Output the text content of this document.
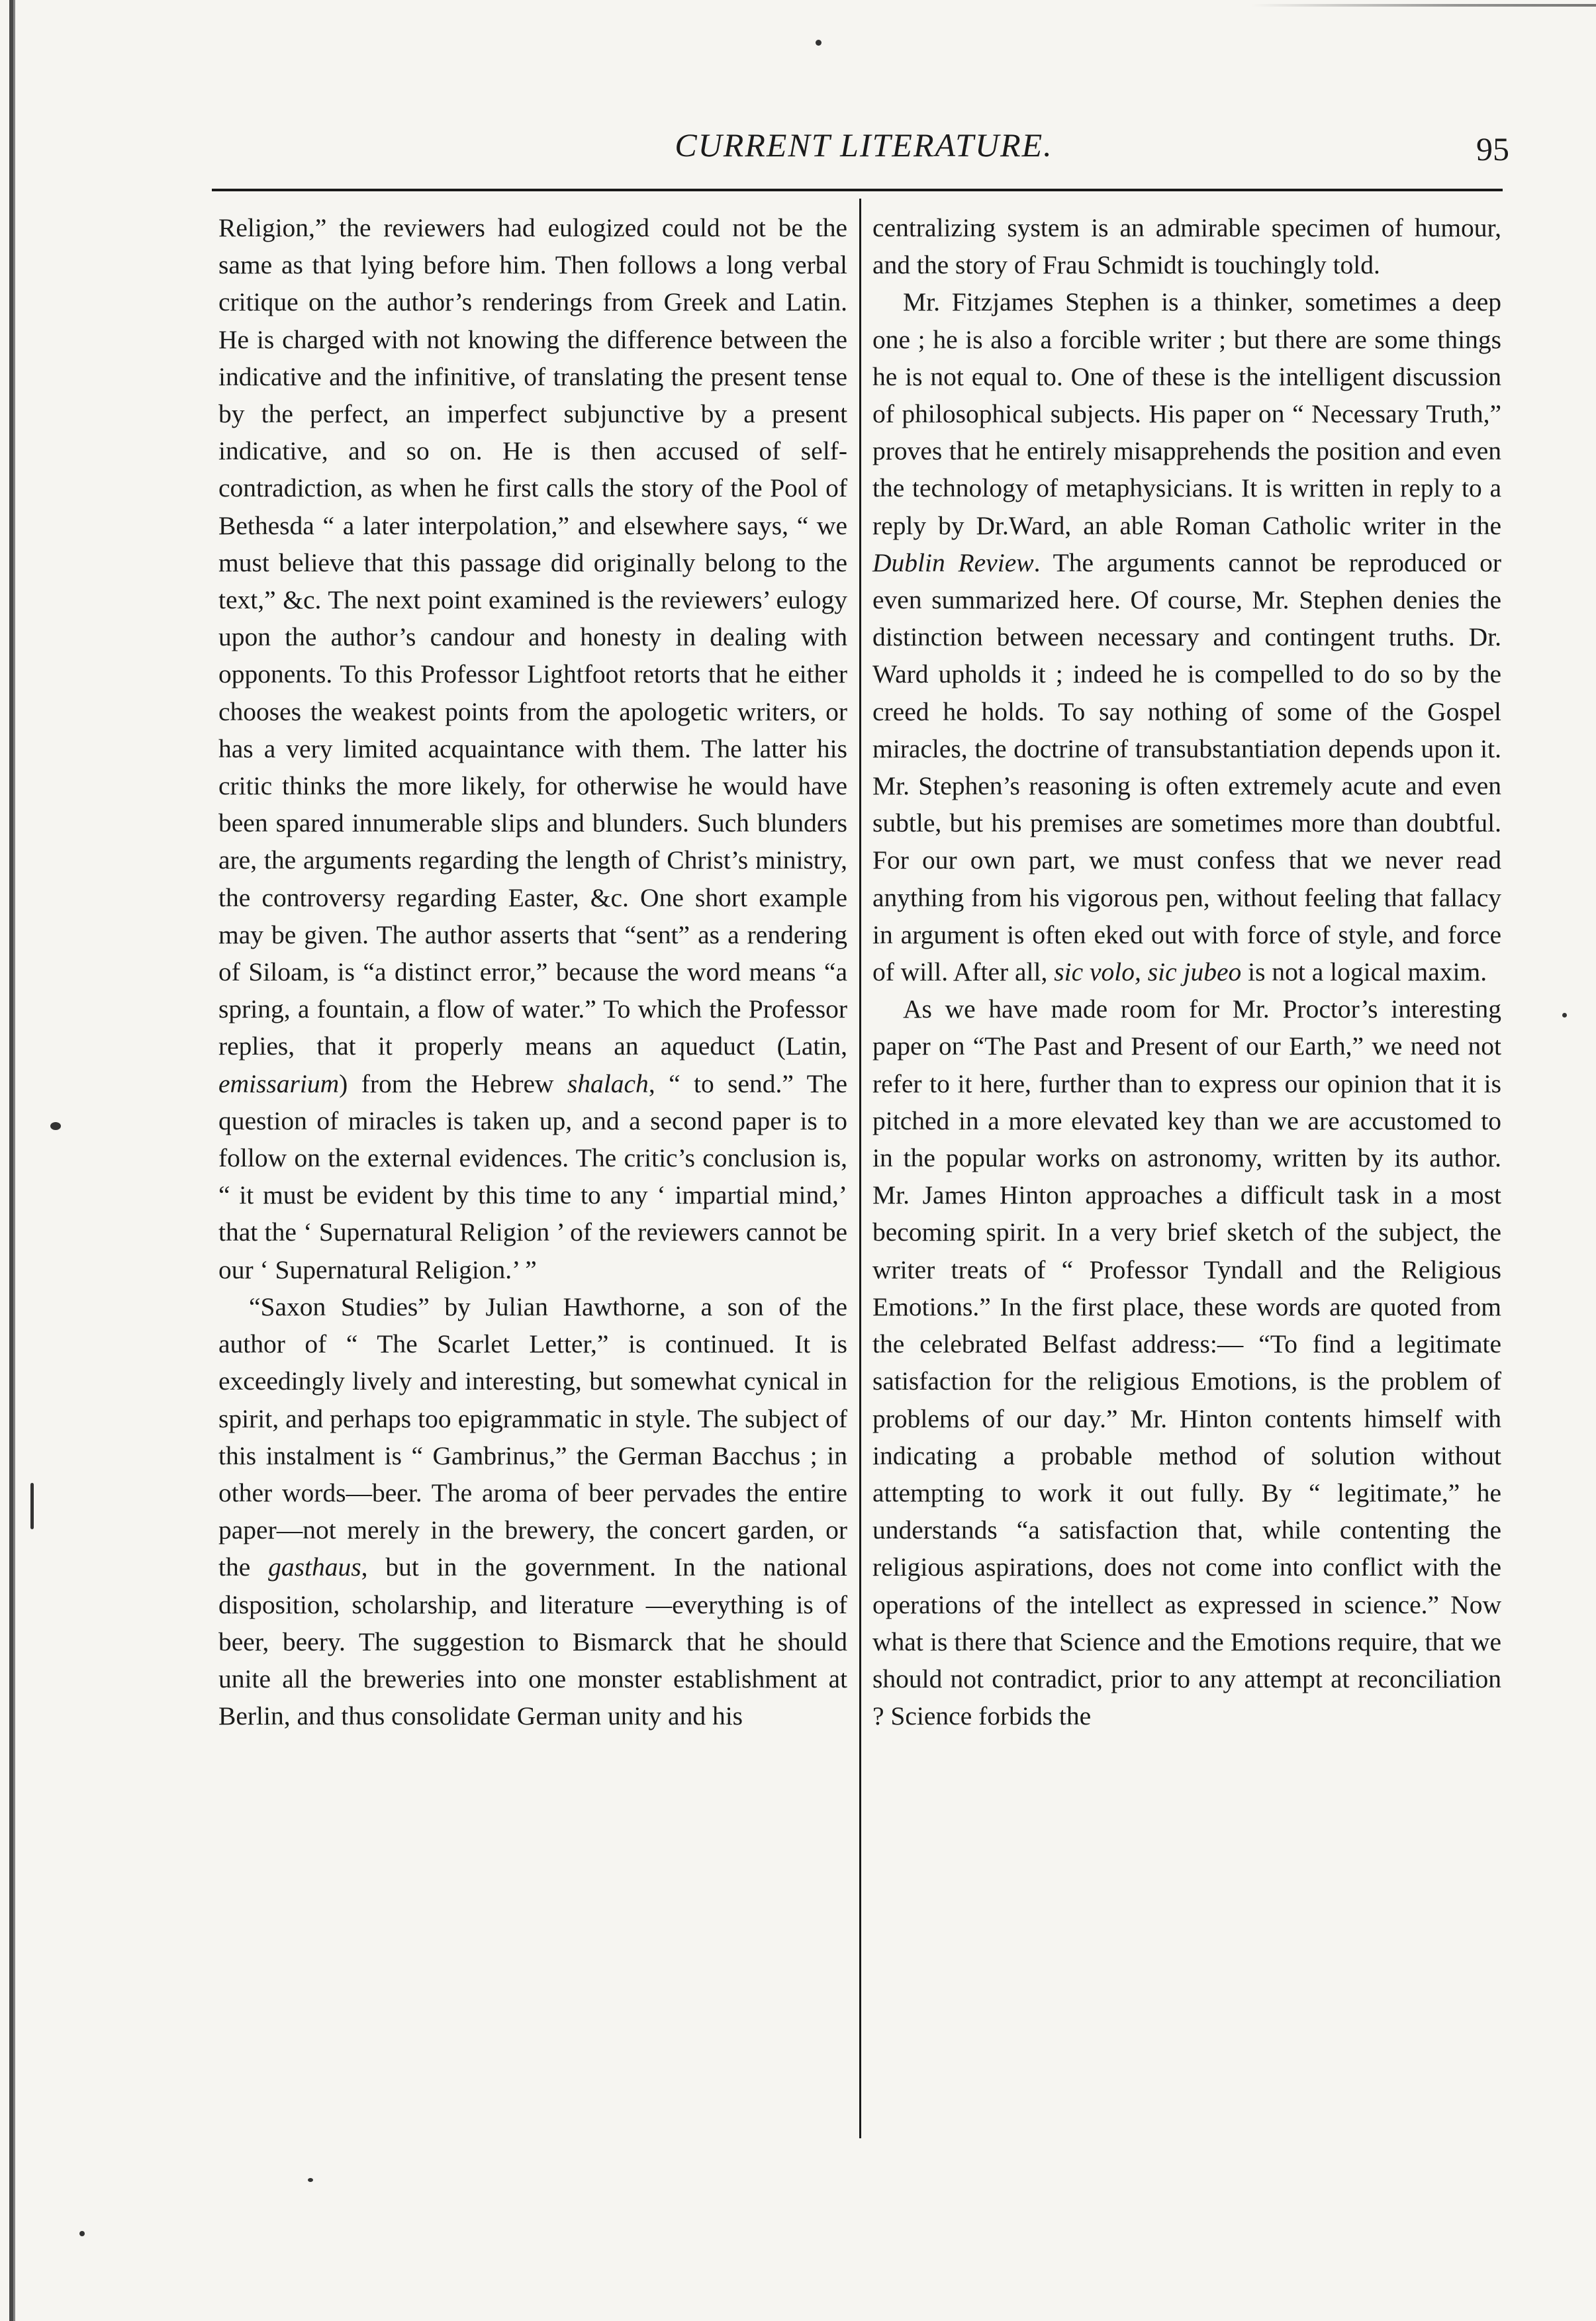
CURRENT LITERATURE.	95

Religion,” the reviewers had eulogized could not be the same as that lying before him. Then follows a long verbal critique on the author’s renderings from Greek and Latin. He is charged with not knowing the difference between the indicative and the infinitive, of translating the present tense by the perfect, an imperfect subjunctive by a present indicative, and so on. He is then accused of self-contradiction, as when he first calls the story of the Pool of Bethesda “ a later interpolation,” and elsewhere says, “ we must believe that this passage did originally belong to the text,” &c. The next point examined is the reviewers’ eulogy upon the author’s candour and honesty in dealing with opponents. To this Professor Lightfoot retorts that he either chooses the weakest points from the apologetic writers, or has a very limited acquaintance with them. The latter his critic thinks the more likely, for otherwise he would have been spared innumerable slips and blunders. Such blunders are, the arguments regarding the length of Christ’s ministry, the controversy regarding Easter, &c. One short example may be given. The author asserts that “sent” as a rendering of Siloam, is “a distinct error,” because the word means “a spring, a fountain, a flow of water.” To which the Professor replies, that it properly means an aqueduct (Latin, emissarium) from the Hebrew shalach, “ to send.” The question of miracles is taken up, and a second paper is to follow on the external evidences. The critic’s conclusion is, “ it must be evident by this time to any ‘ impartial mind,’ that the ‘ Supernatural Religion ’ of the reviewers cannot be our ‘ Supernatural Religion.’ ”

“Saxon Studies” by Julian Hawthorne, a son of the author of “ The Scarlet Letter,” is continued. It is exceedingly lively and interesting, but somewhat cynical in spirit, and perhaps too epigrammatic in style. The subject of this instalment is “ Gambrinus,” the German Bacchus ; in other words—beer. The aroma of beer pervades the entire paper—not merely in the brewery, the concert garden, or the gasthaus, but in the government. In the national disposition, scholarship, and literature —everything is of beer, beery. The suggestion to Bismarck that he should unite all the breweries into one monster establishment at Berlin, and thus consolidate German unity and his

centralizing system is an admirable specimen of humour, and the story of Frau Schmidt is touchingly told.

Mr. Fitzjames Stephen is a thinker, sometimes a deep one ; he is also a forcible writer ; but there are some things he is not equal to. One of these is the intelligent discussion of philosophical subjects. His paper on “ Necessary Truth,” proves that he entirely misapprehends the position and even the technology of metaphysicians. It is written in reply to a reply by Dr.Ward, an able Roman Catholic writer in the Dublin Review. The arguments cannot be reproduced or even summarized here. Of course, Mr. Stephen denies the distinction between necessary and contingent truths. Dr. Ward upholds it ; indeed he is compelled to do so by the creed he holds. To say nothing of some of the Gospel miracles, the doctrine of transubstantiation depends upon it. Mr. Stephen’s reasoning is often extremely acute and even subtle, but his premises are sometimes more than doubtful. For our own part, we must confess that we never read anything from his vigorous pen, without feeling that fallacy in argument is often eked out with force of style, and force of will. After all, sic volo, sic jubeo is not a logical maxim.

As we have made room for Mr. Proctor’s interesting paper on “The Past and Present of our Earth,” we need not refer to it here, further than to express our opinion that it is pitched in a more elevated key than we are accustomed to in the popular works on astronomy, written by its author. Mr. James Hinton approaches a difficult task in a most becoming spirit. In a very brief sketch of the subject, the writer treats of “ Professor Tyndall and the Religious Emotions.” In the first place, these words are quoted from the celebrated Belfast address:— “To find a legitimate satisfaction for the religious Emotions, is the problem of problems of our day.” Mr. Hinton contents himself with indicating a probable method of solution without attempting to work it out fully. By “ legitimate,” he understands “a satisfaction that, while contenting the religious aspirations, does not come into conflict with the operations of the intellect as expressed in science.” Now what is there that Science and the Emotions require, that we should not contradict, prior to any attempt at reconciliation ? Science forbids the
